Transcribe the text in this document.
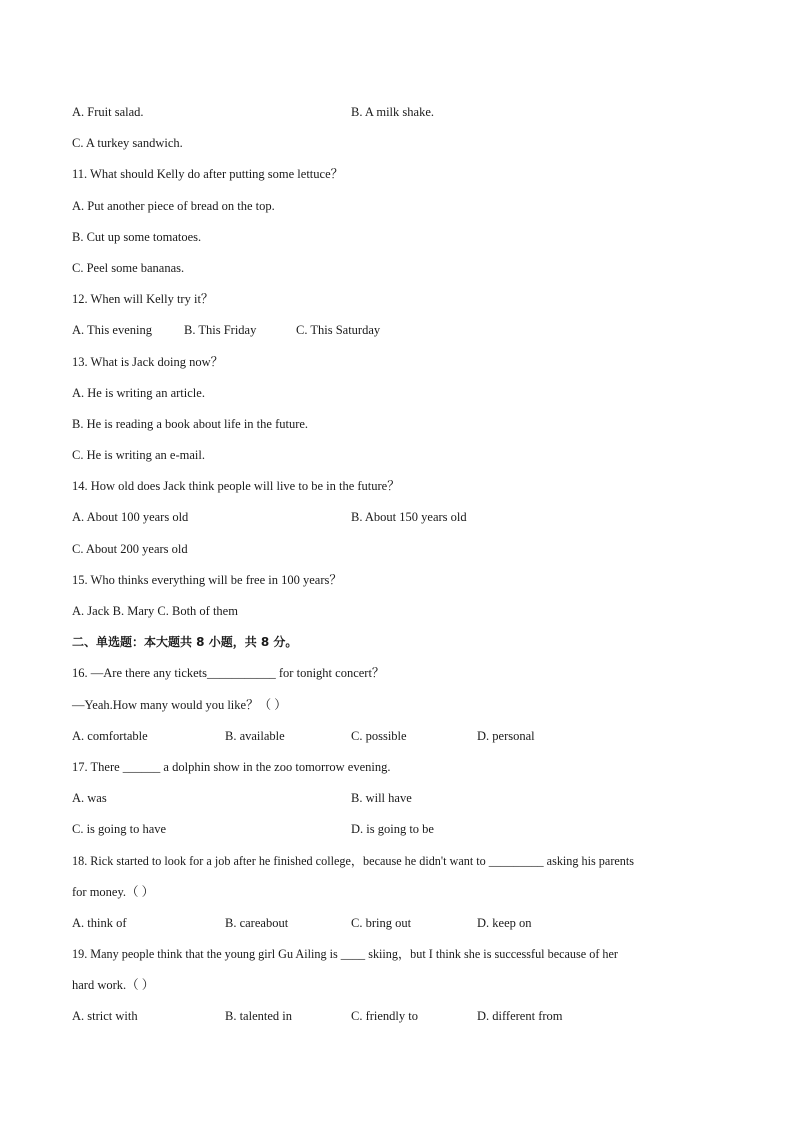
A. Fruit salad.	B. A milk shake.
C. A turkey sandwich.
11. What should Kelly do after putting some lettuce？
A. Put another piece of bread on the top.
B. Cut up some tomatoes.
C. Peel some bananas.
12. When will Kelly try it？
A. This evening	B. This Friday	C. This Saturday
13. What is Jack doing now？
A. He is writing an article.
B. He is reading a book about life in the future.
C. He is writing an e-mail.
14. How old does Jack think people will live to be in the future？
A. About 100 years old	B. About 150 years old
C. About 200 years old
15. Who thinks everything will be free in 100 years？
A. Jack B. Mary C. Both of them
二、单选题：本大题共 8 小题，共 8 分。
16. —Are there any tickets___________ for tonight concert？
—Yeah.How many would you like？（ ）
A. comfortable	B. available	C. possible	D. personal
17. There ______ a dolphin show in the zoo tomorrow evening.
A. was	B. will have
C. is going to have	D. is going to be
18. Rick started to look for a job after he finished college，because he didn't want to _________ asking his parents
for money.（ ）
A. think of	B. careabout	C. bring out	D. keep on
19. Many people think that the young girl Gu Ailing is ____ skiing，but I think she is successful because of her
hard work.（ ）
A. strict with	B. talented in	C. friendly to	D. different from
